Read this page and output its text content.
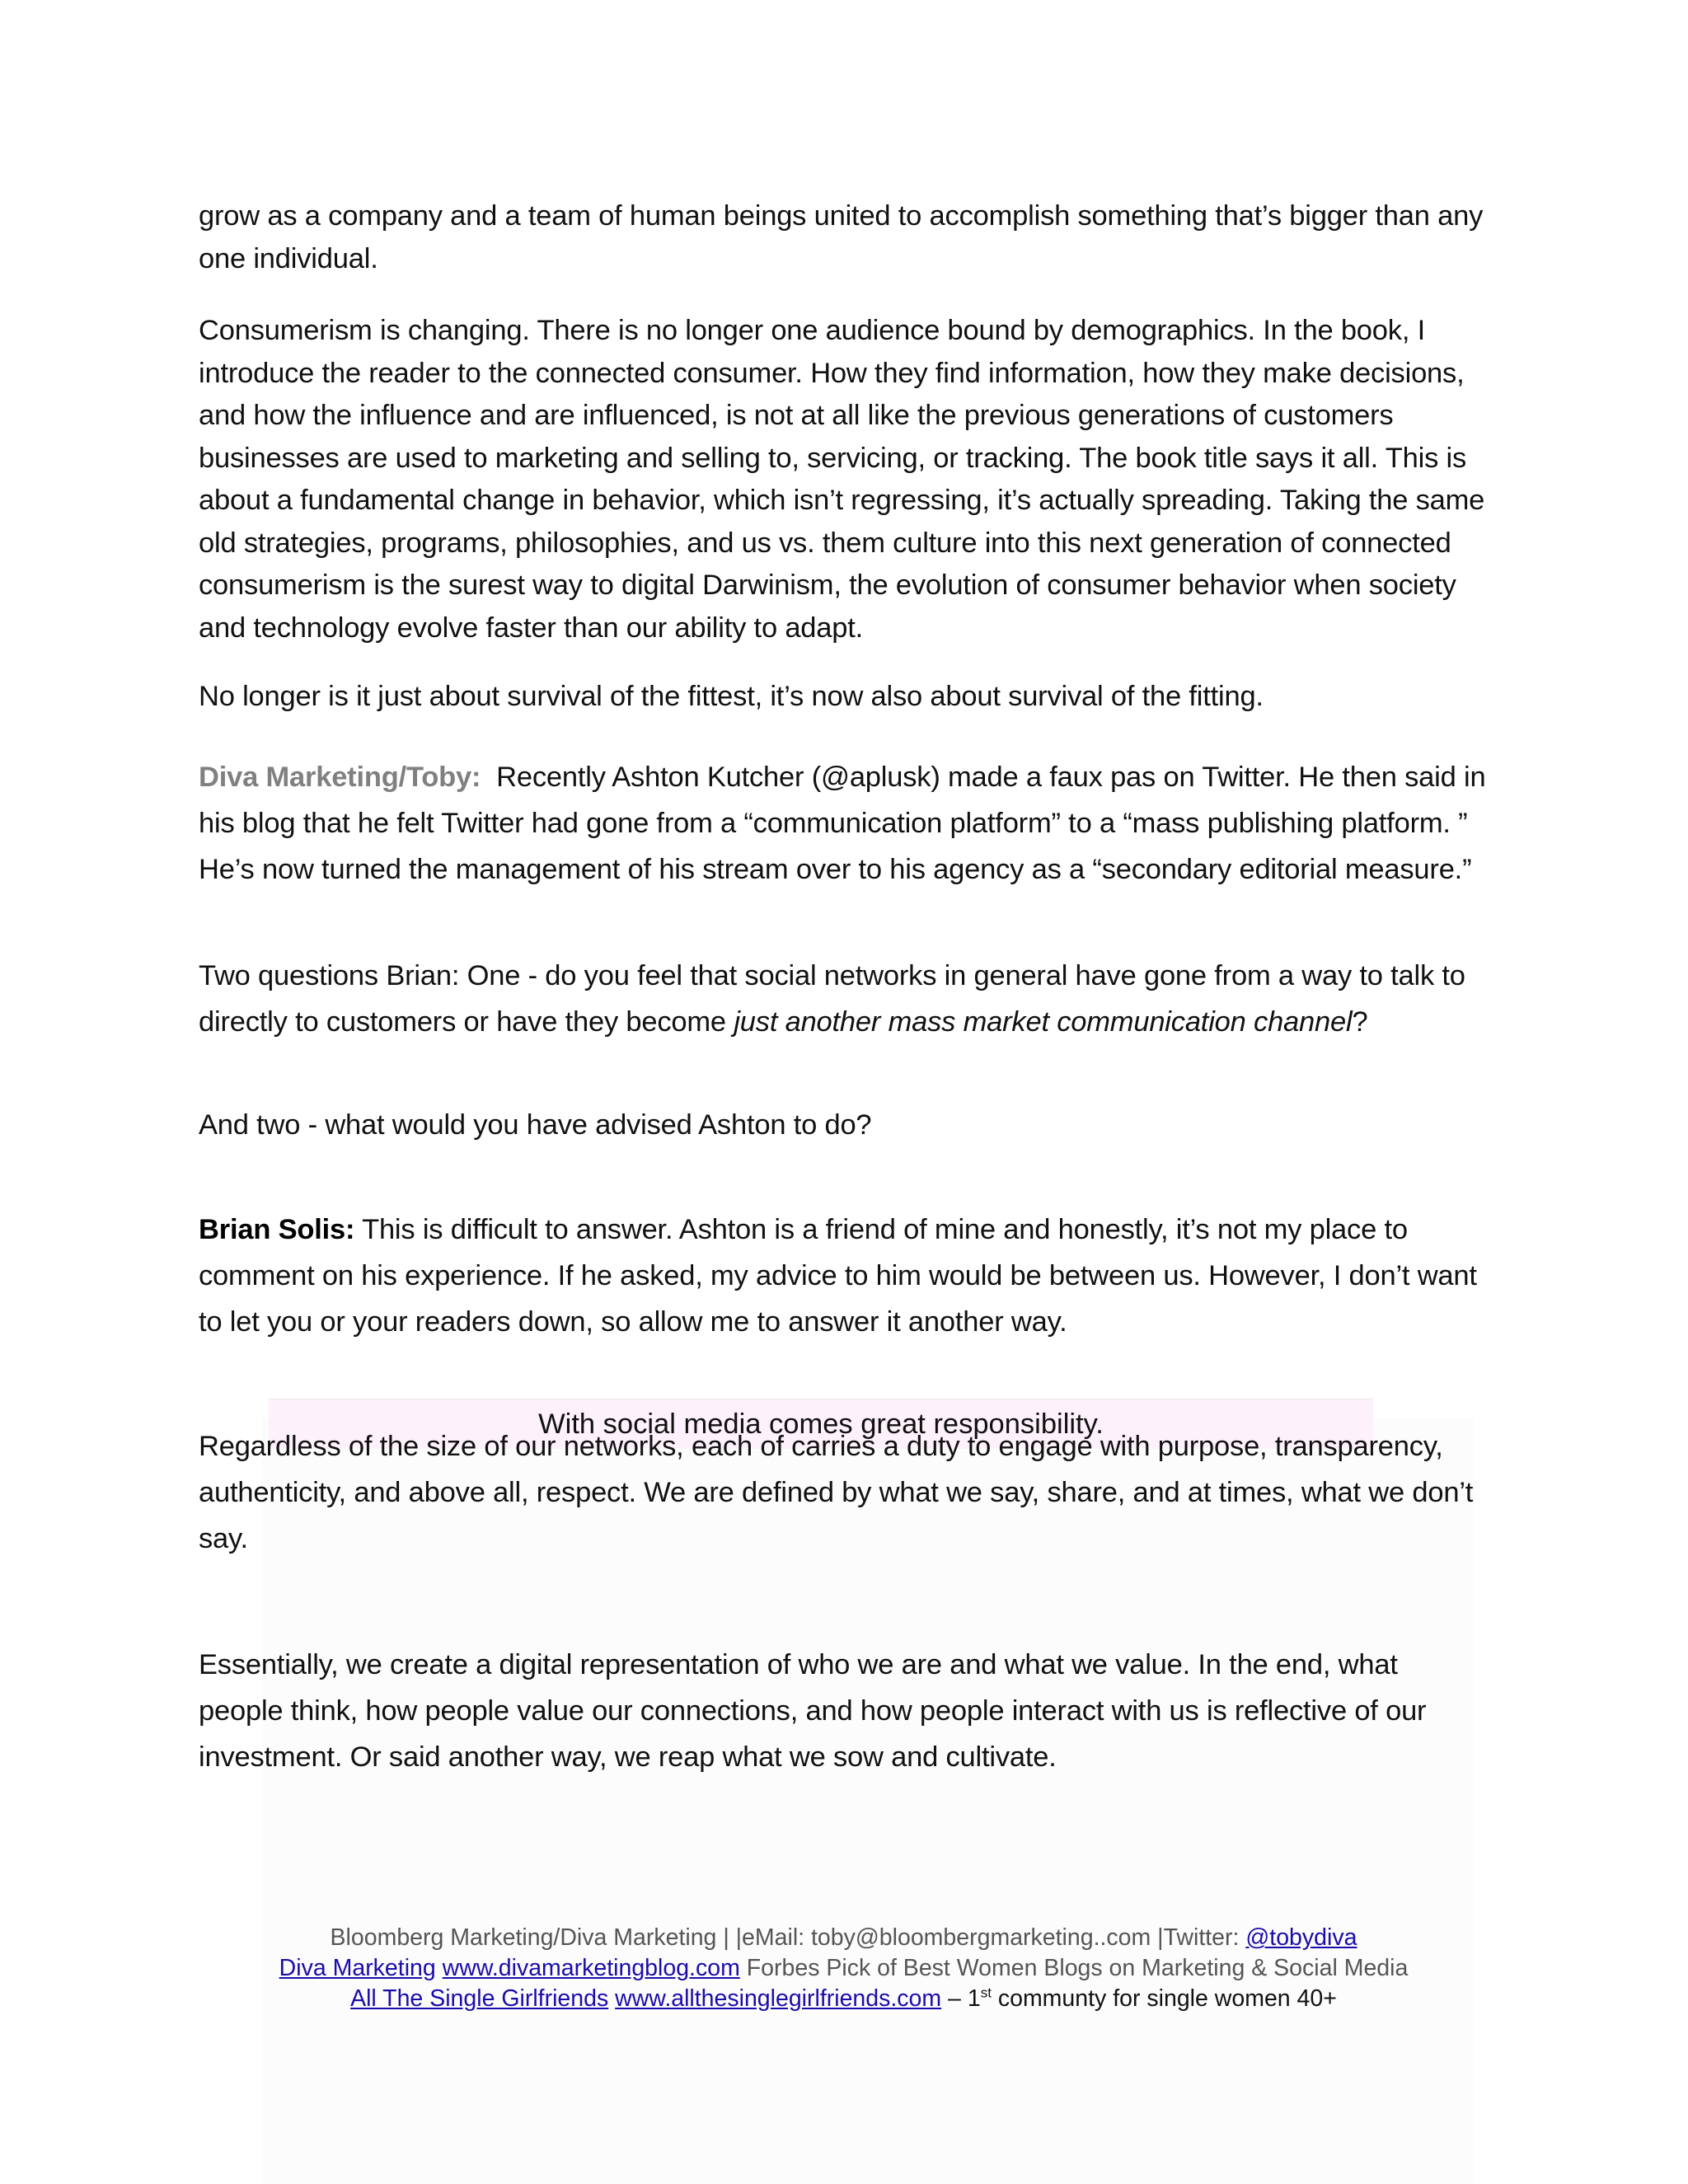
grow as a company and a team of human beings united to accomplish something that’s bigger than any one individual.

Consumerism is changing. There is no longer one audience bound by demographics. In the book, I introduce the reader to the connected consumer. How they find information, how they make decisions, and how the influence and are influenced, is not at all like the previous generations of customers businesses are used to marketing and selling to, servicing, or tracking. The book title says it all. This is about a fundamental change in behavior, which isn’t regressing, it’s actually spreading. Taking the same old strategies, programs, philosophies, and us vs. them culture into this next generation of connected consumerism is the surest way to digital Darwinism, the evolution of consumer behavior when society and technology evolve faster than our ability to adapt.

No longer is it just about survival of the fittest, it’s now also about survival of the fitting.

Diva Marketing/Toby: Recently Ashton Kutcher (@aplusk) made a faux pas on Twitter. He then said in his blog that he felt Twitter had gone from a “communication platform” to a “mass publishing platform. ” He’s now turned the management of his stream over to his agency as a “secondary editorial measure.”

Two questions Brian: One - do you feel that social networks in general have gone from a way to talk to directly to customers or have they become just another mass market communication channel?

And two - what would you have advised Ashton to do?

Brian Solis: This is difficult to answer. Ashton is a friend of mine and honestly, it’s not my place to comment on his experience. If he asked, my advice to him would be between us. However, I don’t want to let you or your readers down, so allow me to answer it another way.

With social media comes great responsibility.

Regardless of the size of our networks, each of carries a duty to engage with purpose, transparency, authenticity, and above all, respect. We are defined by what we say, share, and at times, what we don’t say.

Essentially, we create a digital representation of who we are and what we value. In the end, what people think, how people value our connections, and how people interact with us is reflective of our investment. Or said another way, we reap what we sow and cultivate.

Bloomberg Marketing/Diva Marketing | |eMail: toby@bloombergmarketing..com |Twitter: @tobydiva
Diva Marketing www.divamarketingblog.com Forbes Pick of Best Women Blogs on Marketing & Social Media
All The Single Girlfriends www.allthesinglegirlfriends.com – 1st communty for single women 40+
